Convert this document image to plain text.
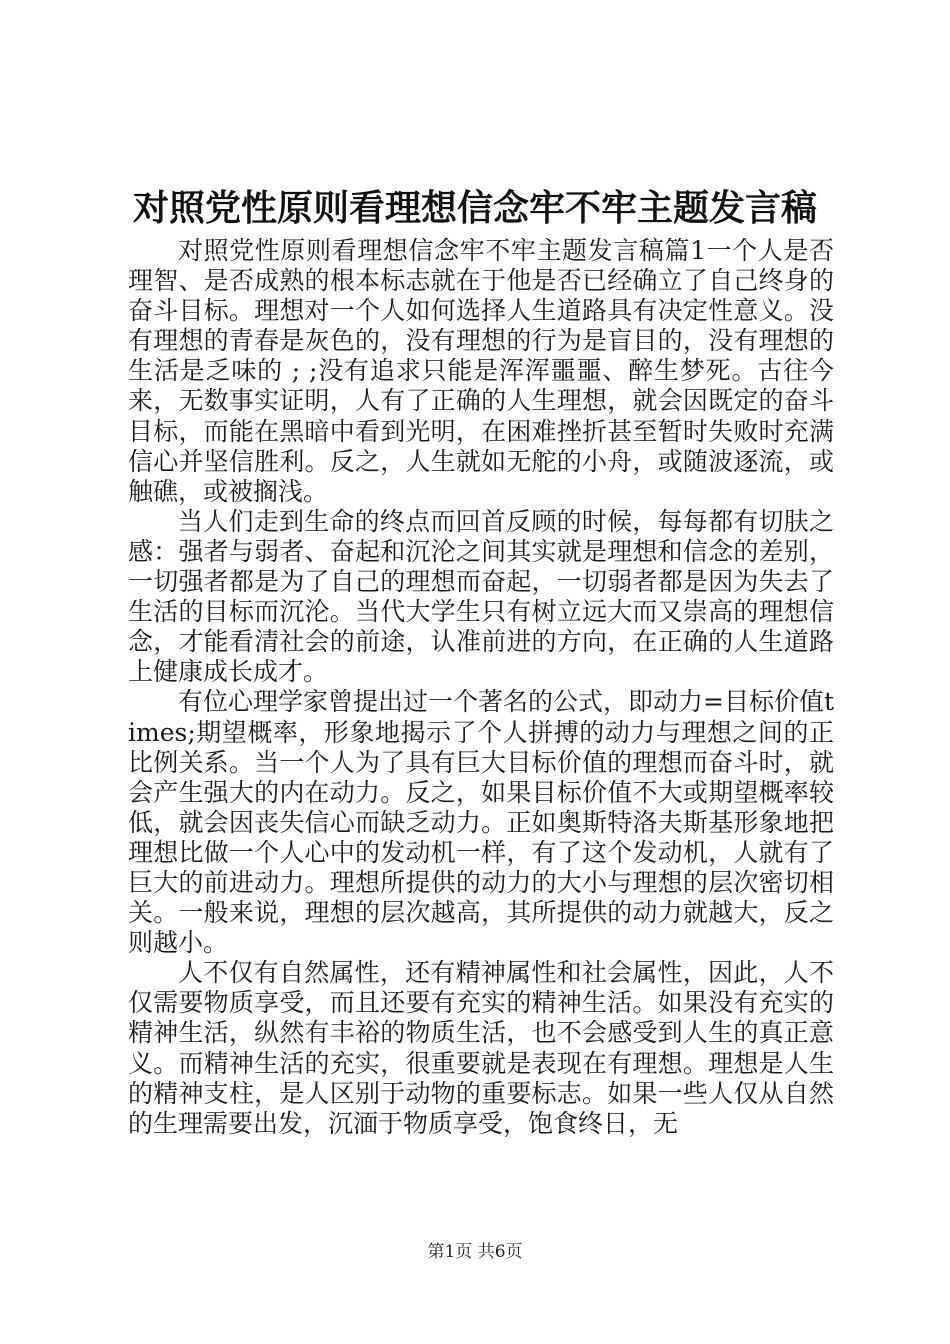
对照党性原则看理想信念牢不牢主题发言稿

对照党性原则看理想信念牢不牢主题发言稿篇1一个人是否理智、是否成熟的根本标志就在于他是否已经确立了自己终身的奋斗目标。理想对一个人如何选择人生道路具有决定性意义。没有理想的青春是灰色的，没有理想的行为是盲目的，没有理想的生活是乏味的 ; ;没有追求只能是浑浑噩噩、醉生梦死。古往今来，无数事实证明，人有了正确的人生理想，就会因既定的奋斗目标，而能在黑暗中看到光明，在困难挫折甚至暂时失败时充满信心并坚信胜利。反之，人生就如无舵的小舟，或随波逐流，或触礁，或被搁浅。

当人们走到生命的终点而回首反顾的时候，每每都有切肤之感：强者与弱者、奋起和沉沦之间其实就是理想和信念的差别，一切强者都是为了自己的理想而奋起，一切弱者都是因为失去了生活的目标而沉沦。当代大学生只有树立远大而又崇高的理想信念，才能看清社会的前途，认准前进的方向，在正确的人生道路上健康成长成才。

有位心理学家曾提出过一个著名的公式，即动力=目标价值times;期望概率，形象地揭示了个人拼搏的动力与理想之间的正比例关系。当一个人为了具有巨大目标价值的理想而奋斗时，就会产生强大的内在动力。反之，如果目标价值不大或期望概率较低，就会因丧失信心而缺乏动力。正如奥斯特洛夫斯基形象地把理想比做一个人心中的发动机一样，有了这个发动机，人就有了巨大的前进动力。理想所提供的动力的大小与理想的层次密切相关。一般来说，理想的层次越高，其所提供的动力就越大，反之则越小。

人不仅有自然属性，还有精神属性和社会属性，因此，人不仅需要物质享受，而且还要有充实的精神生活。如果没有充实的精神生活，纵然有丰裕的物质生活，也不会感受到人生的真正意义。而精神生活的充实，很重要就是表现在有理想。理想是人生的精神支柱，是人区别于动物的重要标志。如果一些人仅从自然的生理需要出发，沉湎于物质享受，饱食终日，无

第1页 共6页
